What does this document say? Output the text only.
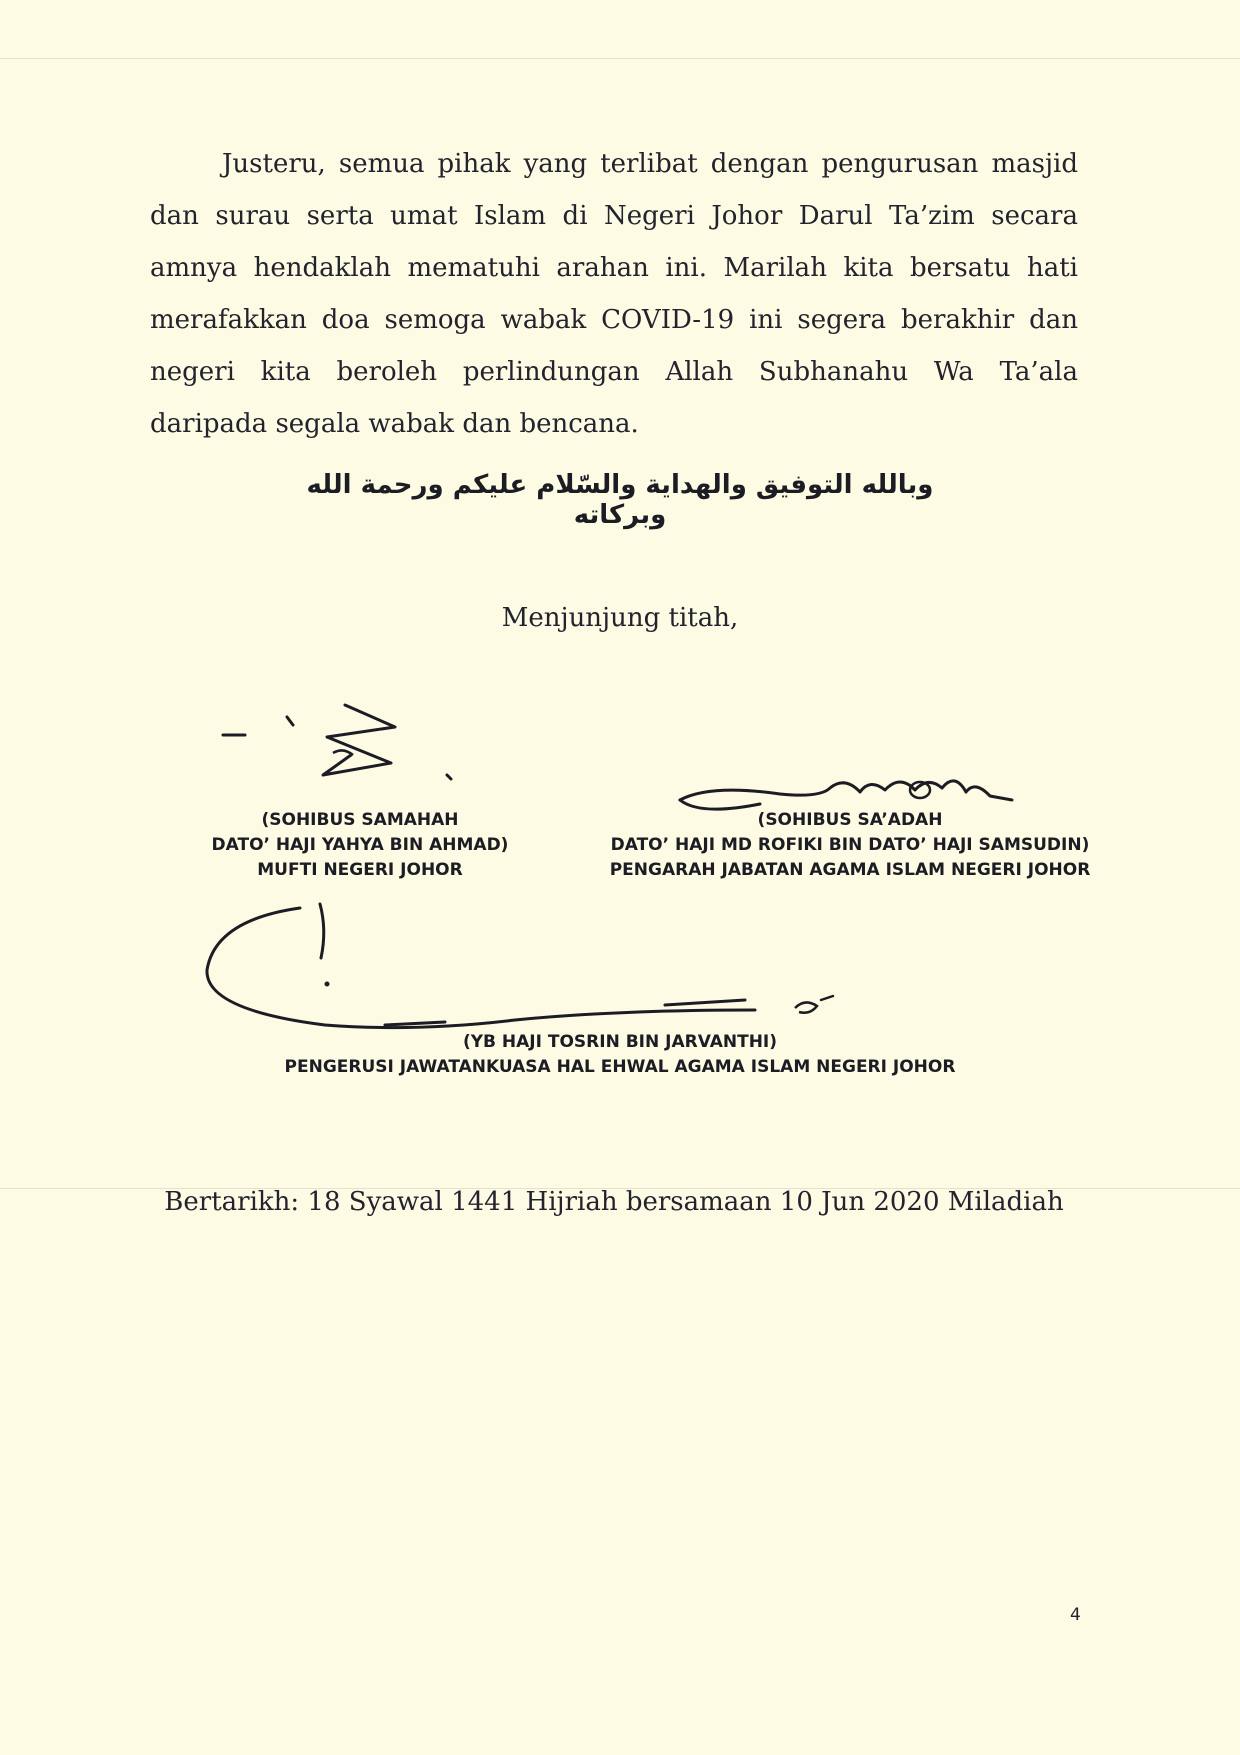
Justeru, semua pihak yang terlibat dengan pengurusan masjid dan surau serta umat Islam di Negeri Johor Darul Ta’zim secara amnya hendaklah mematuhi arahan ini. Marilah kita bersatu hati merafakkan doa semoga wabak COVID-19 ini segera berakhir dan negeri kita beroleh perlindungan Allah Subhanahu Wa Ta’ala daripada segala wabak dan bencana.

وبالله التوفيق والهداية والسّلام عليكم ورحمة الله وبركاته
Menjunjung titah,
(SOHIBUS SAMAHAH
DATO’ HAJI YAHYA BIN AHMAD)
MUFTI NEGERI JOHOR
(SOHIBUS SA’ADAH
DATO’ HAJI MD ROFIKI BIN DATO’ HAJI SAMSUDIN)
PENGARAH JABATAN AGAMA ISLAM NEGERI JOHOR
(YB HAJI TOSRIN BIN JARVANTHI)
PENGERUSI JAWATANKUASA HAL EHWAL AGAMA ISLAM NEGERI JOHOR
Bertarikh: 18 Syawal 1441 Hijriah bersamaan 10 Jun 2020 Miladiah
4
